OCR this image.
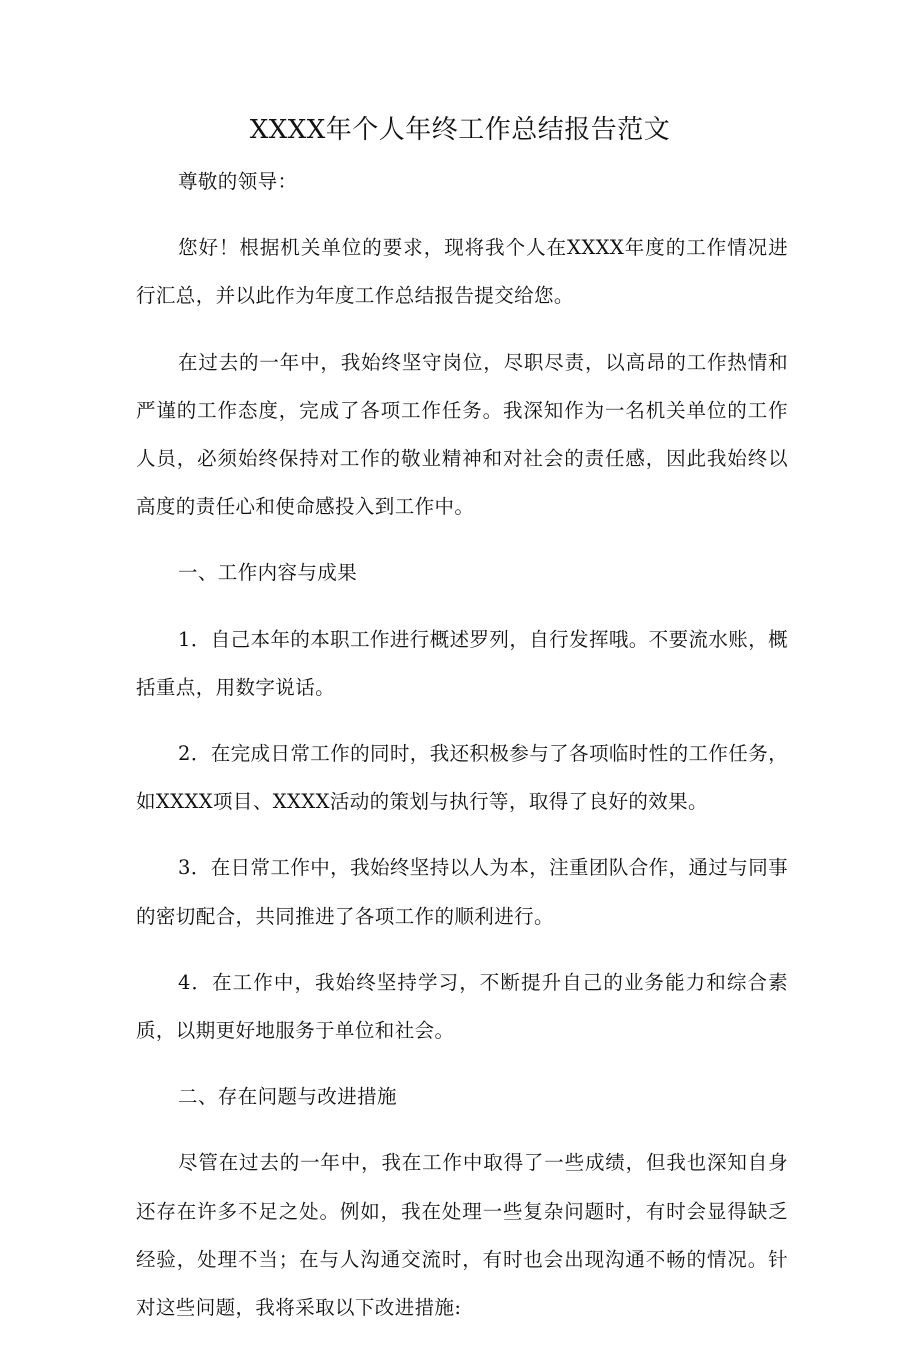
XXXX年个人年终工作总结报告范文

尊敬的领导：

您好！根据机关单位的要求，现将我个人在XXXX年度的工作情况进行汇总，并以此作为年度工作总结报告提交给您。

在过去的一年中，我始终坚守岗位，尽职尽责，以高昂的工作热情和严谨的工作态度，完成了各项工作任务。我深知作为一名机关单位的工作人员，必须始终保持对工作的敬业精神和对社会的责任感，因此我始终以高度的责任心和使命感投入到工作中。

一、工作内容与成果

1．自己本年的本职工作进行概述罗列，自行发挥哦。不要流水账，概括重点，用数字说话。

2．在完成日常工作的同时，我还积极参与了各项临时性的工作任务，如XXXX项目、XXXX活动的策划与执行等，取得了良好的效果。

3．在日常工作中，我始终坚持以人为本，注重团队合作，通过与同事的密切配合，共同推进了各项工作的顺利进行。

4．在工作中，我始终坚持学习，不断提升自己的业务能力和综合素质，以期更好地服务于单位和社会。

二、存在问题与改进措施

尽管在过去的一年中，我在工作中取得了一些成绩，但我也深知自身还存在许多不足之处。例如，我在处理一些复杂问题时，有时会显得缺乏经验，处理不当；在与人沟通交流时，有时也会出现沟通不畅的情况。针对这些问题，我将采取以下改进措施:
